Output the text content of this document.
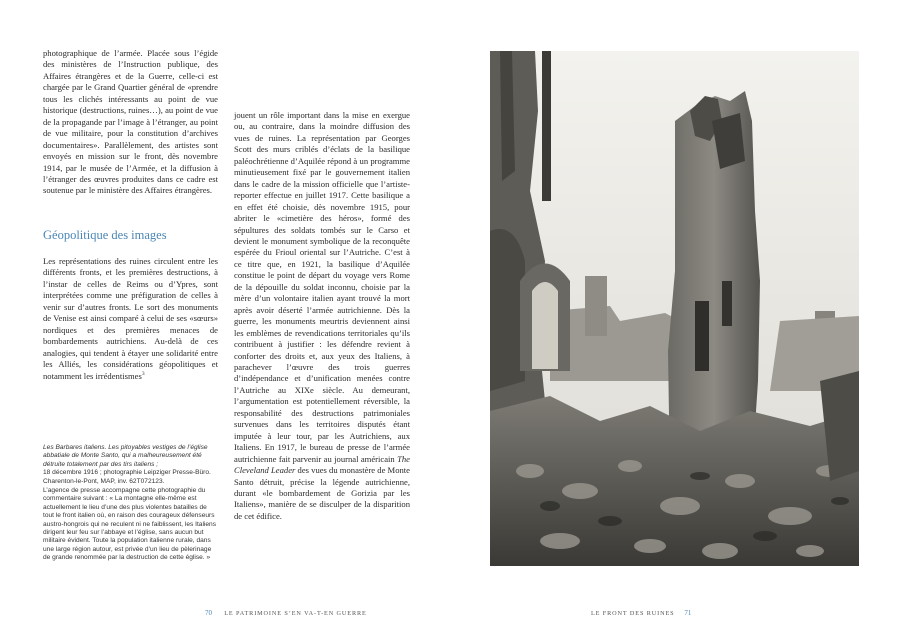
photographique de l’armée. Placée sous l’égide des ministères de l’Instruction publique, des Affaires étrangères et de la Guerre, celle-ci est chargée par le Grand Quartier général de «prendre tous les clichés intéressants au point de vue historique (destructions, ruines…), au point de vue de la propagande par l’image à l’étranger, au point de vue militaire, pour la constitution d’archives documentaires». Parallèlement, des artistes sont envoyés en mission sur le front, dès novembre 1914, par le musée de l’Armée, et la diffusion à l’étranger des œuvres produites dans ce cadre est soutenue par le ministère des Affaires étrangères.

Géopolitique des images

Les représentations des ruines circulent entre les différents fronts, et les premières destructions, à l’instar de celles de Reims ou d’Ypres, sont interprétées comme une préfiguration de celles à venir sur d’autres fronts. Le sort des monuments de Venise est ainsi comparé à celui de ses «sœurs» nordiques et des premières menaces de bombardements autrichiens. Au-delà de ces analogies, qui tendent à étayer une solidarité entre les Alliés, les considérations géopolitiques et notamment les irrédentismes$^3$

Les Barbares italiens. Les pitoyables vestiges de l’église abbatiale de Monte Santo, qui a malheureusement été détruite totalement par des tirs italiens ;
18 décembre 1916 ; photographie Leipziger Presse-Büro. Charenton-le-Pont, MAP, inv. 62T072123.
L’agence de presse accompagne cette photographie du commentaire suivant : « La montagne elle-même est actuellement le lieu d’une des plus violentes batailles de tout le front italien où, en raison des courageux défenseurs austro-hongrois qui ne reculent ni ne faiblissent, les Italiens dirigent leur feu sur l’abbaye et l’église, sans aucun but militaire évident. Toute la population italienne rurale, dans une large région autour, est privée d’un lieu de pèlerinage de grande renommée par la destruction de cette église. »

jouent un rôle important dans la mise en exergue ou, au contraire, dans la moindre diffusion des vues de ruines. La représentation par Georges Scott des murs criblés d’éclats de la basilique paléochrétienne d’Aquilée répond à un programme minutieusement fixé par le gouvernement italien dans le cadre de la mission officielle que l’artiste-reporter effectue en juillet 1917. Cette basilique a en effet été choisie, dès novembre 1915, pour abriter le «cimetière des héros», formé des sépultures des soldats tombés sur le Carso et devient le monument symbolique de la reconquête espérée du Frioul oriental sur l’Autriche. C’est à ce titre que, en 1921, la basilique d’Aquilée constitue le point de départ du voyage vers Rome de la dépouille du soldat inconnu, choisie par la mère d’un volontaire italien ayant trouvé la mort après avoir déserté l’armée autrichienne. Dès la guerre, les monuments meurtris deviennent ainsi les emblèmes de revendications territoriales qu’ils contribuent à justifier : les défendre revient à conforter des droits et, aux yeux des Italiens, à parachever l’œuvre des trois guerres d’indépendance et d’unification menées contre l’Autriche au XIXe siècle. Au demeurant, l’argumentation est potentiellement réversible, la responsabilité des destructions patrimoniales survenues dans les territoires disputés étant imputée à leur tour, par les Autrichiens, aux Italiens. En 1917, le bureau de presse de l’armée autrichienne fait parvenir au journal américain The Cleveland Leader des vues du monastère de Monte Santo détruit, précise la légende autrichienne, durant «le bombardement de Gorizia par les Italiens», manière de se disculper de la disparition de cet édifice.

70 LE PATRIMOINE S’EN VA-T-EN GUERRE	LE FRONT DES RUINES 71
